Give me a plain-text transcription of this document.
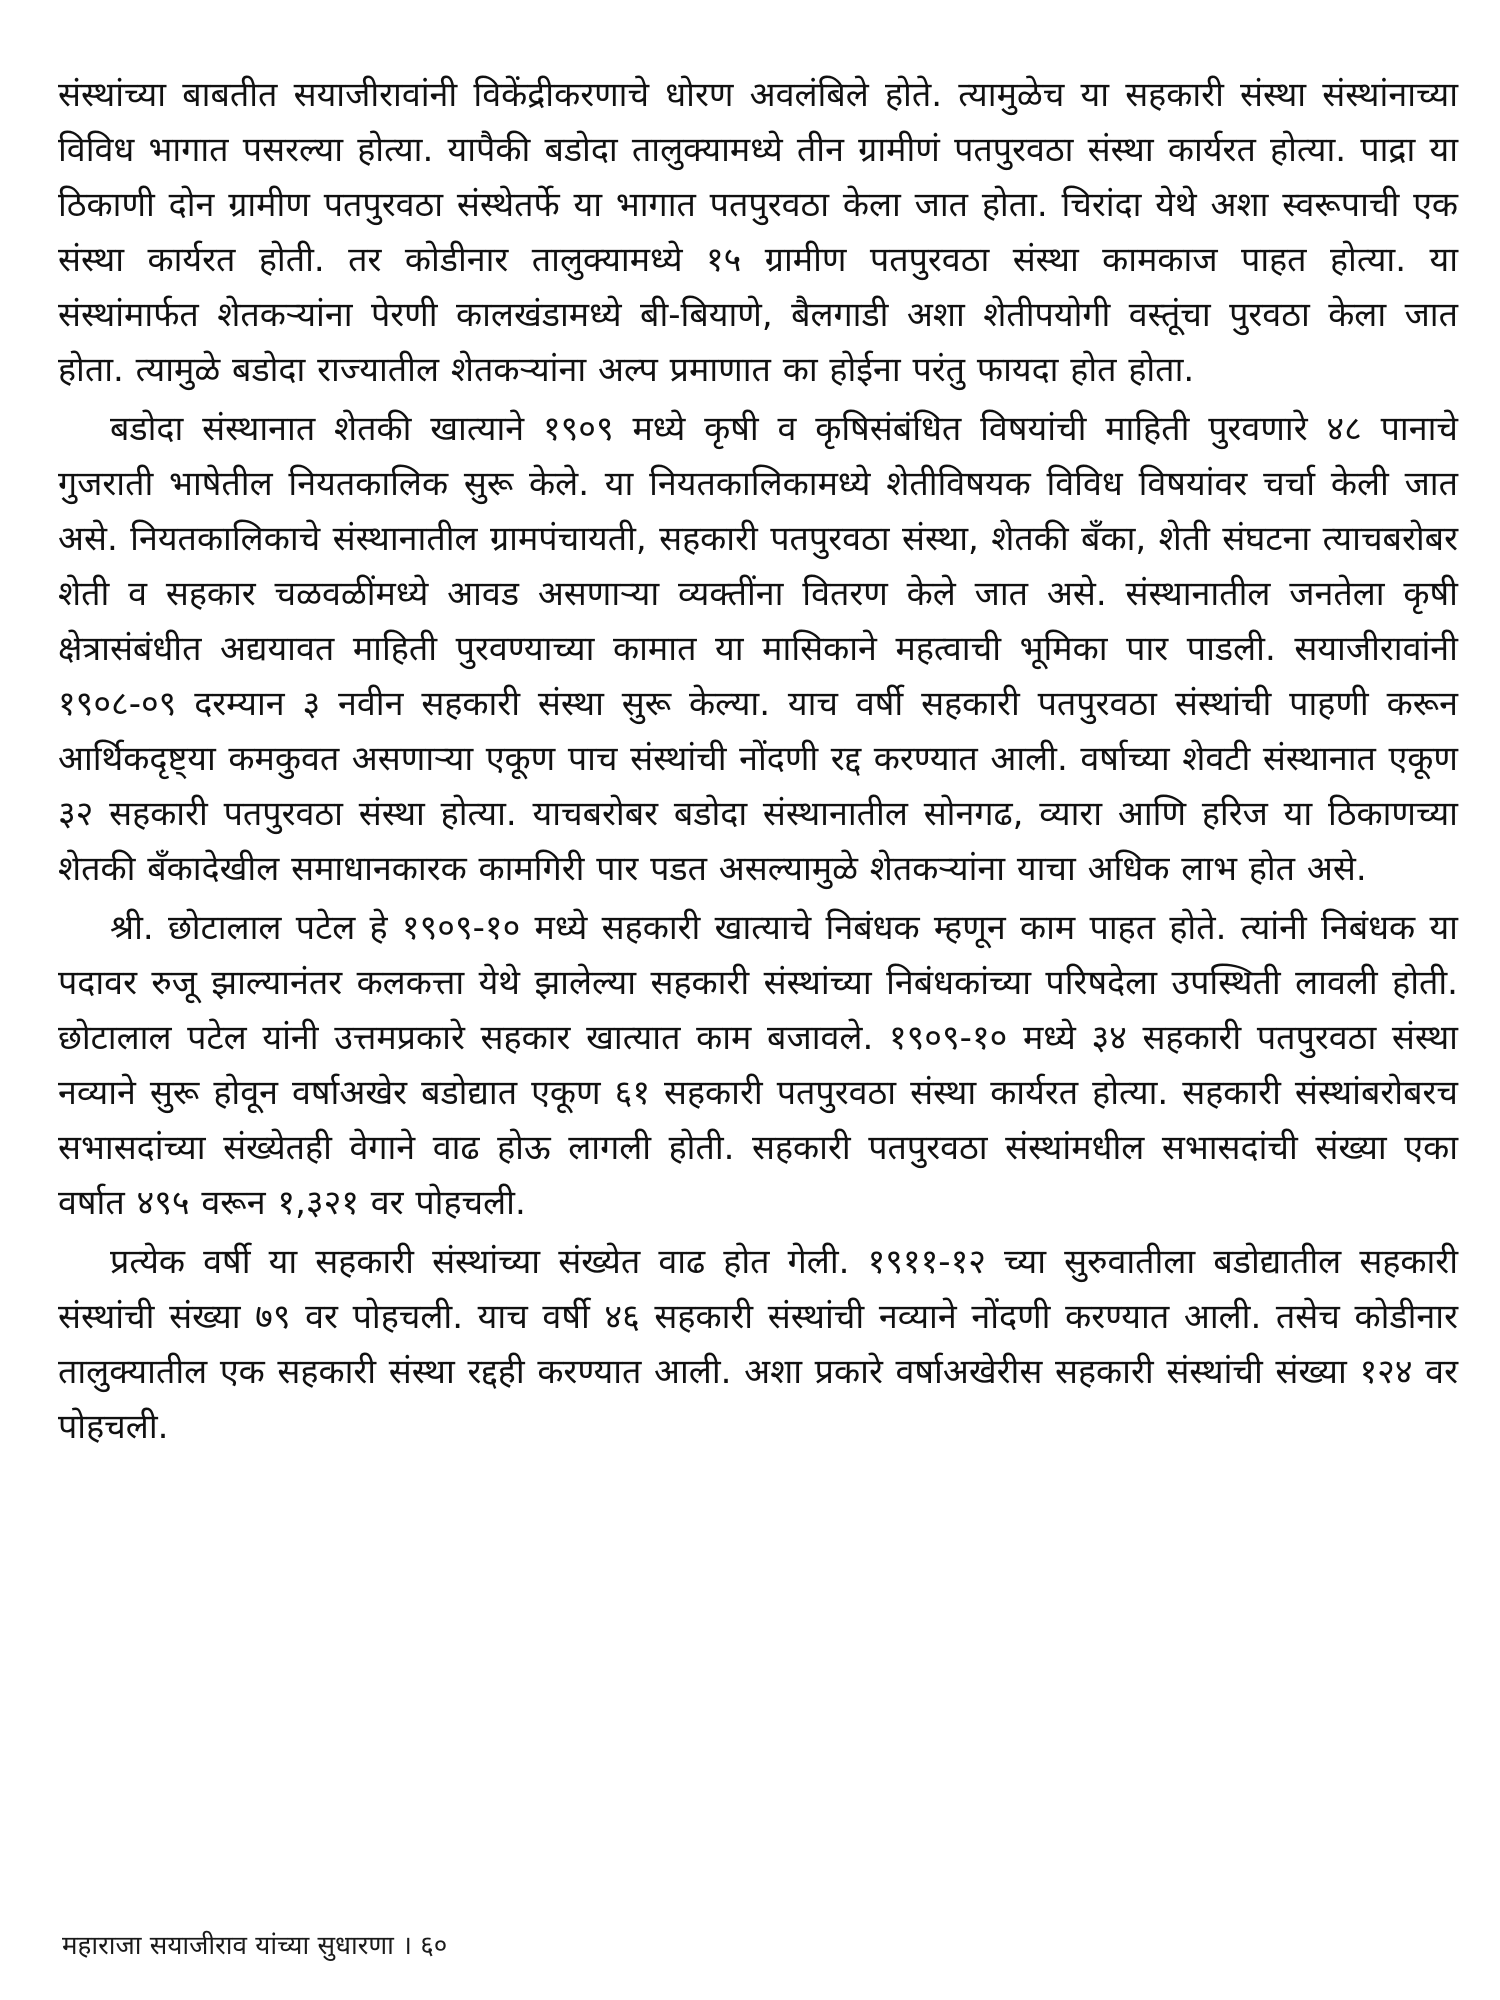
संस्थांच्या बाबतीत सयाजीरावांनी विकेंद्रीकरणाचे धोरण अवलंबिले होते. त्यामुळेच या सहकारी संस्था संस्थांनाच्या विविध भागात पसरल्या होत्या. यापैकी बडोदा तालुक्यामध्ये तीन ग्रामीणं पतपुरवठा संस्था कार्यरत होत्या. पाद्रा या ठिकाणी दोन ग्रामीण पतपुरवठा संस्थेतर्फे या भागात पतपुरवठा केला जात होता. चिरांदा येथे अशा स्वरूपाची एक संस्था कार्यरत होती. तर कोडीनार तालुक्यामध्ये १५ ग्रामीण पतपुरवठा संस्था कामकाज पाहत होत्या. या संस्थांमार्फत शेतकऱ्यांना पेरणी कालखंडामध्ये बी-बियाणे, बैलगाडी अशा शेतीपयोगी वस्तूंचा पुरवठा केला जात होता. त्यामुळे बडोदा राज्यातील शेतकऱ्यांना अल्प प्रमाणात का होईना परंतु फायदा होत होता.

बडोदा संस्थानात शेतकी खात्याने १९०९ मध्ये कृषी व कृषिसंबंधित विषयांची माहिती पुरवणारे ४८ पानाचे गुजराती भाषेतील नियतकालिक सुरू केले. या नियतकालिकामध्ये शेतीविषयक विविध विषयांवर चर्चा केली जात असे. नियतकालिकाचे संस्थानातील ग्रामपंचायती, सहकारी पतपुरवठा संस्था, शेतकी बँका, शेती संघटना त्याचबरोबर शेती व सहकार चळवळींमध्ये आवड असणाऱ्या व्यक्तींना वितरण केले जात असे. संस्थानातील जनतेला कृषी क्षेत्रासंबंधीत अद्ययावत माहिती पुरवण्याच्या कामात या मासिकाने महत्वाची भूमिका पार पाडली. सयाजीरावांनी १९०८-०९ दरम्यान ३ नवीन सहकारी संस्था सुरू केल्या. याच वर्षी सहकारी पतपुरवठा संस्थांची पाहणी करून आर्थिकदृष्ट्या कमकुवत असणाऱ्या एकूण पाच संस्थांची नोंदणी रद्द करण्यात आली. वर्षाच्या शेवटी संस्थानात एकूण ३२ सहकारी पतपुरवठा संस्था होत्या. याचबरोबर बडोदा संस्थानातील सोनगढ, व्यारा आणि हरिज या ठिकाणच्या शेतकी बँकादेखील समाधानकारक कामगिरी पार पडत असल्यामुळे शेतकऱ्यांना याचा अधिक लाभ होत असे.

श्री. छोटालाल पटेल हे १९०९-१० मध्ये सहकारी खात्याचे निबंधक म्हणून काम पाहत होते. त्यांनी निबंधक या पदावर रुजू झाल्यानंतर कलकत्ता येथे झालेल्या सहकारी संस्थांच्या निबंधकांच्या परिषदेला उपस्थिती लावली होती. छोटालाल पटेल यांनी उत्तमप्रकारे सहकार खात्यात काम बजावले. १९०९-१० मध्ये ३४ सहकारी पतपुरवठा संस्था नव्याने सुरू होवून वर्षाअखेर बडोद्यात एकूण ६१ सहकारी पतपुरवठा संस्था कार्यरत होत्या. सहकारी संस्थांबरोबरच सभासदांच्या संख्येतही वेगाने वाढ होऊ लागली होती. सहकारी पतपुरवठा संस्थांमधील सभासदांची संख्या एका वर्षात ४९५ वरून १,३२१ वर पोहचली.

प्रत्येक वर्षी या सहकारी संस्थांच्या संख्येत वाढ होत गेली. १९११-१२ च्या सुरुवातीला बडोद्यातील सहकारी संस्थांची संख्या ७९ वर पोहचली. याच वर्षी ४६ सहकारी संस्थांची नव्याने नोंदणी करण्यात आली. तसेच कोडीनार तालुक्यातील एक सहकारी संस्था रद्दही करण्यात आली. अशा प्रकारे वर्षाअखेरीस सहकारी संस्थांची संख्या १२४ वर पोहचली.

महाराजा सयाजीराव यांच्या सुधारणा । ६०
